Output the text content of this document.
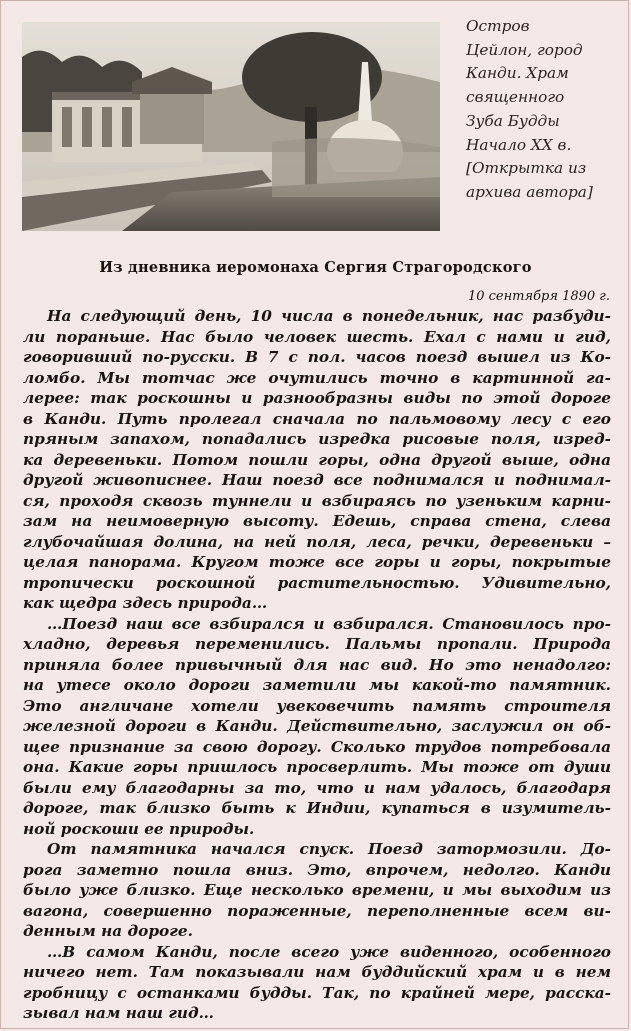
Остров
Цейлон, город
Канди. Храм
священного
Зуба Будды
Начало XX в.
[Открытка из
архива автора]
Из дневника иеромонаха Сергия Страгородского
10 сентября 1890 г.
На следующий день, 10 числа в понедельник, нас разбуди-
ли пораньше. Нас было человек шесть. Ехал с нами и гид,
говоривший по-русски. В 7 с пол. часов поезд вышел из Ко-
ломбо. Мы тотчас же очутились точно в картинной га-
лерее: так роскошны и разнообразны виды по этой дороге
в Канди. Путь пролегал сначала по пальмовому лесу с его
пряным запахом, попадались изредка рисовые поля, изред-
ка деревеньки. Потом пошли горы, одна другой выше, одна
другой живописнее. Наш поезд все поднимался и поднимал-
ся, проходя сквозь туннели и взбираясь по узеньким карни-
зам на неимоверную высоту. Едешь, справа стена, слева
глубочайшая долина, на ней поля, леса, речки, деревеньки –
целая панорама. Кругом тоже все горы и горы, покрытые
тропически роскошной растительностью. Удивительно,
как щедра здесь природа…
…Поезд наш все взбирался и взбирался. Становилось про-
хладно, деревья переменились. Пальмы пропали. Природа
приняла более привычный для нас вид. Но это ненадолго:
на утесе около дороги заметили мы какой-то памятник.
Это англичане хотели увековечить память строителя
железной дороги в Канди. Действительно, заслужил он об-
щее признание за свою дорогу. Сколько трудов потребовала
она. Какие горы пришлось просверлить. Мы тоже от души
были ему благодарны за то, что и нам удалось, благодаря
дороге, так близко быть к Индии, купаться в изумитель-
ной роскоши ее природы.
От памятника начался спуск. Поезд затормозили. До-
рога заметно пошла вниз. Это, впрочем, недолго. Канди
было уже близко. Еще несколько времени, и мы выходим из
вагона, совершенно пораженные, переполненные всем ви-
денным на дороге.
…В самом Канди, после всего уже виденного, особенного
ничего нет. Там показывали нам буддийский храм и в нем
гробницу с останками будды. Так, по крайней мере, расска-
зывал нам наш гид…
